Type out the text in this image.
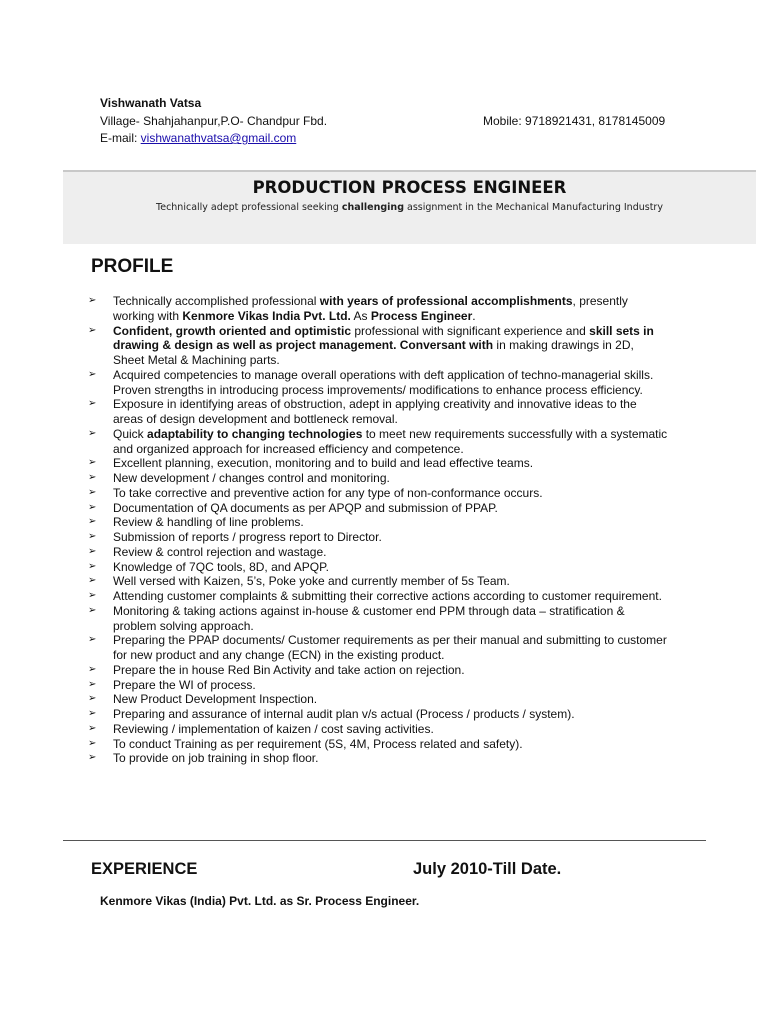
Vishwanath Vatsa
Village- Shahjahanpur,P.O- Chandpur Fbd.	Mobile: 9718921431, 8178145009
E-mail: vishwanathvatsa@gmail.com
PRODUCTION PROCESS ENGINEER
Technically adept professional seeking challenging assignment in the Mechanical Manufacturing Industry
PROFILE
➢ Technically accomplished professional with years of professional accomplishments, presently working with Kenmore Vikas India Pvt. Ltd. As Process Engineer.
➢ Confident, growth oriented and optimistic professional with significant experience and skill sets in drawing & design as well as project management. Conversant with in making drawings in 2D, Sheet Metal & Machining parts.
➢ Acquired competencies to manage overall operations with deft application of techno-managerial skills. Proven strengths in introducing process improvements/ modifications to enhance process efficiency.
➢ Exposure in identifying areas of obstruction, adept in applying creativity and innovative ideas to the areas of design development and bottleneck removal.
➢ Quick adaptability to changing technologies to meet new requirements successfully with a systematic and organized approach for increased efficiency and competence.
➢ Excellent planning, execution, monitoring and to build and lead effective teams.
➢ New development / changes control and monitoring.
➢ To take corrective and preventive action for any type of non-conformance occurs.
➢ Documentation of QA documents as per APQP and submission of PPAP.
➢ Review & handling of line problems.
➢ Submission of reports / progress report to Director.
➢ Review & control rejection and wastage.
➢ Knowledge of 7QC tools, 8D, and APQP.
➢ Well versed with Kaizen, 5’s, Poke yoke and currently member of 5s Team.
➢ Attending customer complaints & submitting their corrective actions according to customer requirement.
➢ Monitoring & taking actions against in-house & customer end PPM through data – stratification & problem solving approach.
➢ Preparing the PPAP documents/ Customer requirements as per their manual and submitting to customer for new product and any change (ECN) in the existing product.
➢ Prepare the in house Red Bin Activity and take action on rejection.
➢ Prepare the WI of process.
➢ New Product Development Inspection.
➢ Preparing and assurance of internal audit plan v/s actual (Process / products / system).
➢ Reviewing / implementation of kaizen / cost saving activities.
➢ To conduct Training as per requirement (5S, 4M, Process related and safety).
➢ To provide on job training in shop floor.
EXPERIENCE	July 2010-Till Date.
Kenmore Vikas (India) Pvt. Ltd. as Sr. Process Engineer.
